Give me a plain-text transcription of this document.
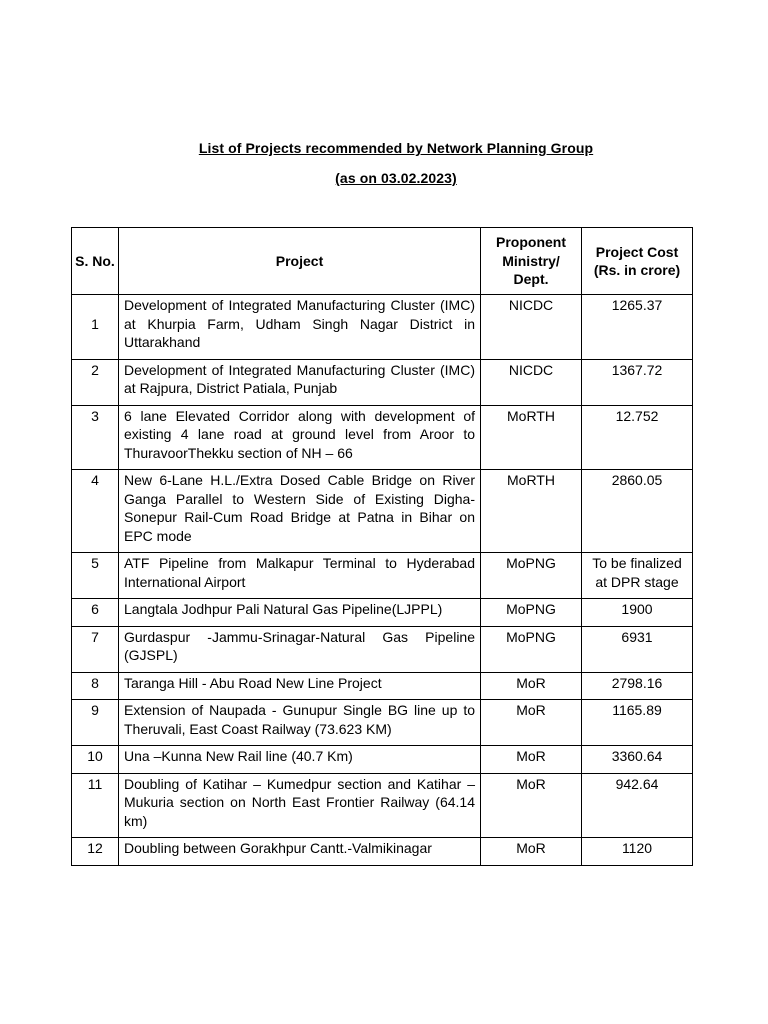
List of Projects recommended by Network Planning Group
(as on 03.02.2023)
S. No.	Project	Proponent Ministry/ Dept.	Project Cost (Rs. in crore)
1	Development of Integrated Manufacturing Cluster (IMC) at Khurpia Farm, Udham Singh Nagar District in Uttarakhand	NICDC	1265.37
2	Development of Integrated Manufacturing Cluster (IMC) at Rajpura, District Patiala, Punjab	NICDC	1367.72
3	6 lane Elevated Corridor along with development of existing 4 lane road at ground level from Aroor to ThuravoorThekku section of NH – 66	MoRTH	12.752
4	New 6-Lane H.L./Extra Dosed Cable Bridge on River Ganga Parallel to Western Side of Existing Digha-Sonepur Rail-Cum Road Bridge at Patna in Bihar on EPC mode	MoRTH	2860.05
5	ATF Pipeline from Malkapur Terminal to Hyderabad International Airport	MoPNG	To be finalized at DPR stage
6	Langtala Jodhpur Pali Natural Gas Pipeline(LJPPL)	MoPNG	1900
7	Gurdaspur -Jammu-Srinagar-Natural Gas Pipeline (GJSPL)	MoPNG	6931
8	Taranga Hill - Abu Road New Line Project	MoR	2798.16
9	Extension of Naupada - Gunupur Single BG line up to Theruvali, East Coast Railway (73.623 KM)	MoR	1165.89
10	Una –Kunna New Rail line (40.7 Km)	MoR	3360.64
11	Doubling of Katihar – Kumedpur section and Katihar – Mukuria section on North East Frontier Railway (64.14 km)	MoR	942.64
12	Doubling between Gorakhpur Cantt.-Valmikinagar	MoR	1120
